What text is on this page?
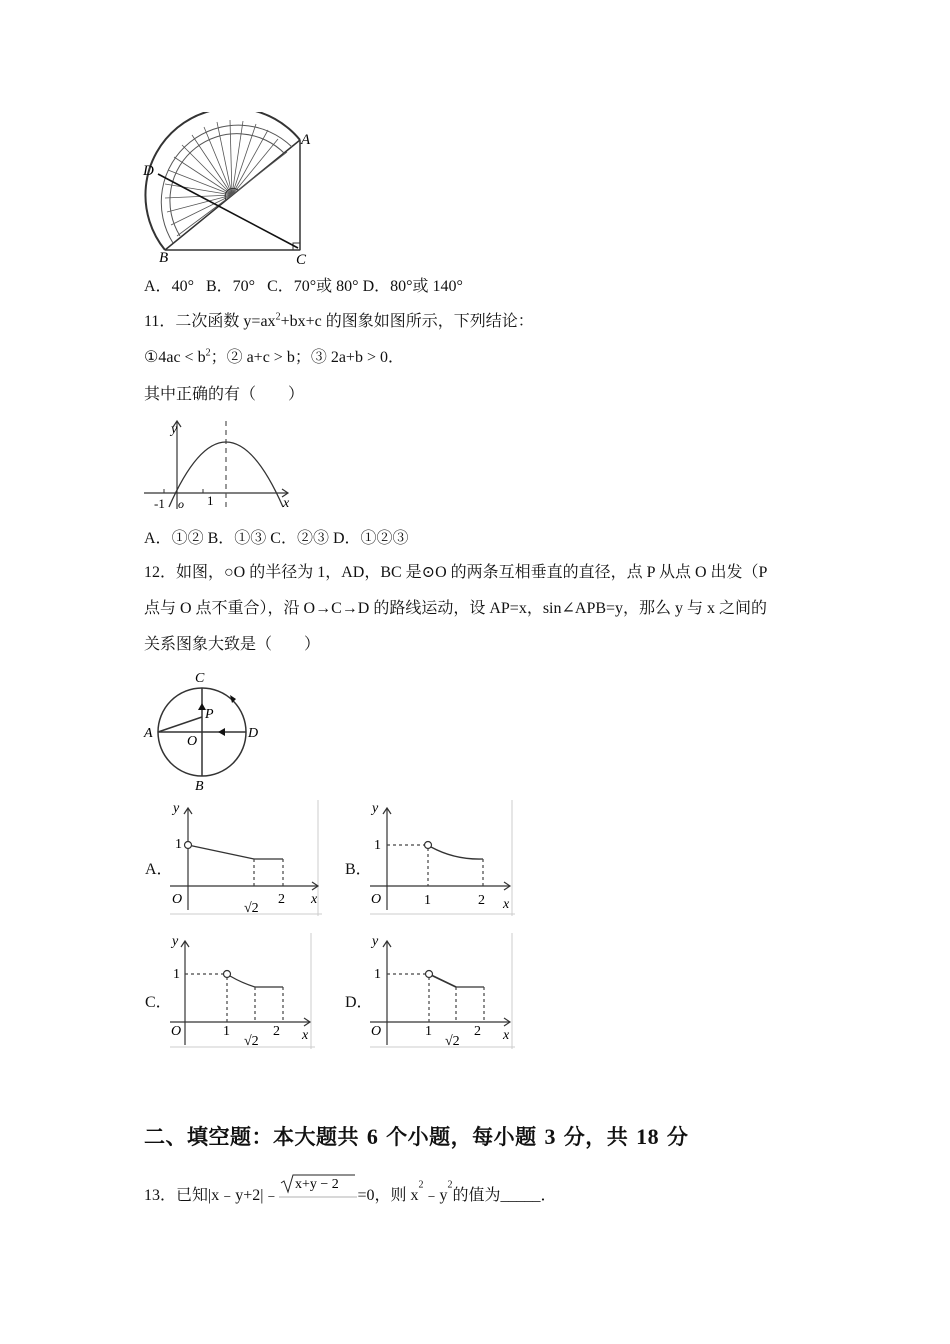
D
A
B	C
A．40° B．70° C．70°或 80° D．80°或 140°
11．二次函数 $y=ax^2+bx+c$ 的图象如图所示，下列结论：
①4ac < $b^2$；② a+c > b；③ 2a+b > 0．
其中正确的有（　　）
y
x
o
-1	1
A．①② B．①③ C．②③ D．①②③
12．如图，○O 的半径为 1，AD，BC 是⊙O 的两条互相垂直的直径，点 P 从点 O 出发（P
点与 O 点不重合），沿 O→C→D 的路线运动，设 AP=x，sin∠APB=y，那么 y 与 x 之间的
关系图象大致是（　　）
C
P
A
O
D
B
A．
1
y
O
√2
2 x
B．
1
y
O	1	2 x
C．
1
y
O	1
√2
2 x
D．
1
y
O	1
√2
2 x
二、填空题：本大题共 6 个小题，每小题 3 分，共 18 分
13．已知|x﹣y+2|﹣
x+y − 2
=0，则 $x^2﹣y^2$的值为_____．
